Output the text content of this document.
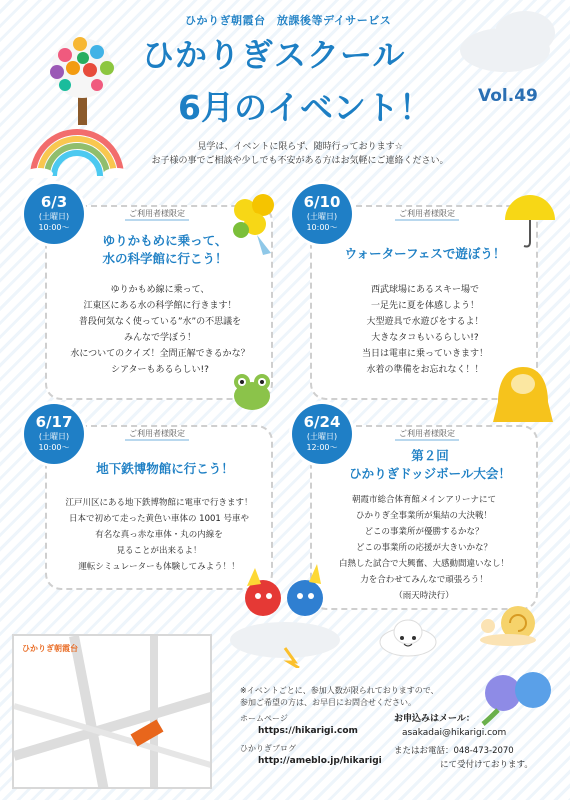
ひかりぎ朝霞台　放課後等デイサービス
ひかりぎスクール
6月のイベント！	Vol.49
見学は、イベントに限らず、随時行っております☆
お子様の事でご相談や少しでも不安がある方はお気軽にご連絡ください。
6/3
(土曜日)
10:00～
ご利用者様限定
ゆりかもめに乗って、
水の科学館に行こう！
ゆりかもめ線に乗って、
江東区にある水の科学館に行きます！
普段何気なく使っている”水”の不思議を
みんなで学ぼう！
水についてのクイズ！全問正解できるかな？
シアターもあるらしい!?
6/10
(土曜日)
10:00～
ご利用者様限定
ウォーターフェスで遊ぼう！
西武球場にあるスキー場で
一足先に夏を体感しよう！
大型遊具で水遊びをするよ！
大きなタコもいるらしい!?
当日は電車に乗っていきます！
水着の準備をお忘れなく！！
6/17
(土曜日)
10:00～
ご利用者様限定
地下鉄博物館に行こう！
江戸川区にある地下鉄博物館に電車で行きます！
日本で初めて走った黄色い車体の 1001 号車や
有名な真っ赤な車体・丸の内線を
見ることが出来るよ！
運転シミュレーターも体験してみよう！！
6/24
(土曜日)
12:00～
ご利用者様限定
第２回
ひかりぎドッジボール大会！
朝霞市総合体育館メインアリーナにて
ひかりぎ全事業所が集結の大決戦！
どこの事業所が優勝するかな？
どこの事業所の応援が大きいかな？
白熱した試合で大興奮、大感動間違いなし！
力を合わせてみんなで頑張ろう！
（雨天時決行）
ひかりぎ朝霞台
※イベントごとに、参加人数が限られておりますので、
参加ご希望の方は、お早目にお問合せください。
ホームページ
https://hikarigi.com
ひかりぎブログ
http://ameblo.jp/hikarigi
お申込みはメール：
asakadai@hikarigi.com
またはお電話：048-473-2070
にて受付けております。
